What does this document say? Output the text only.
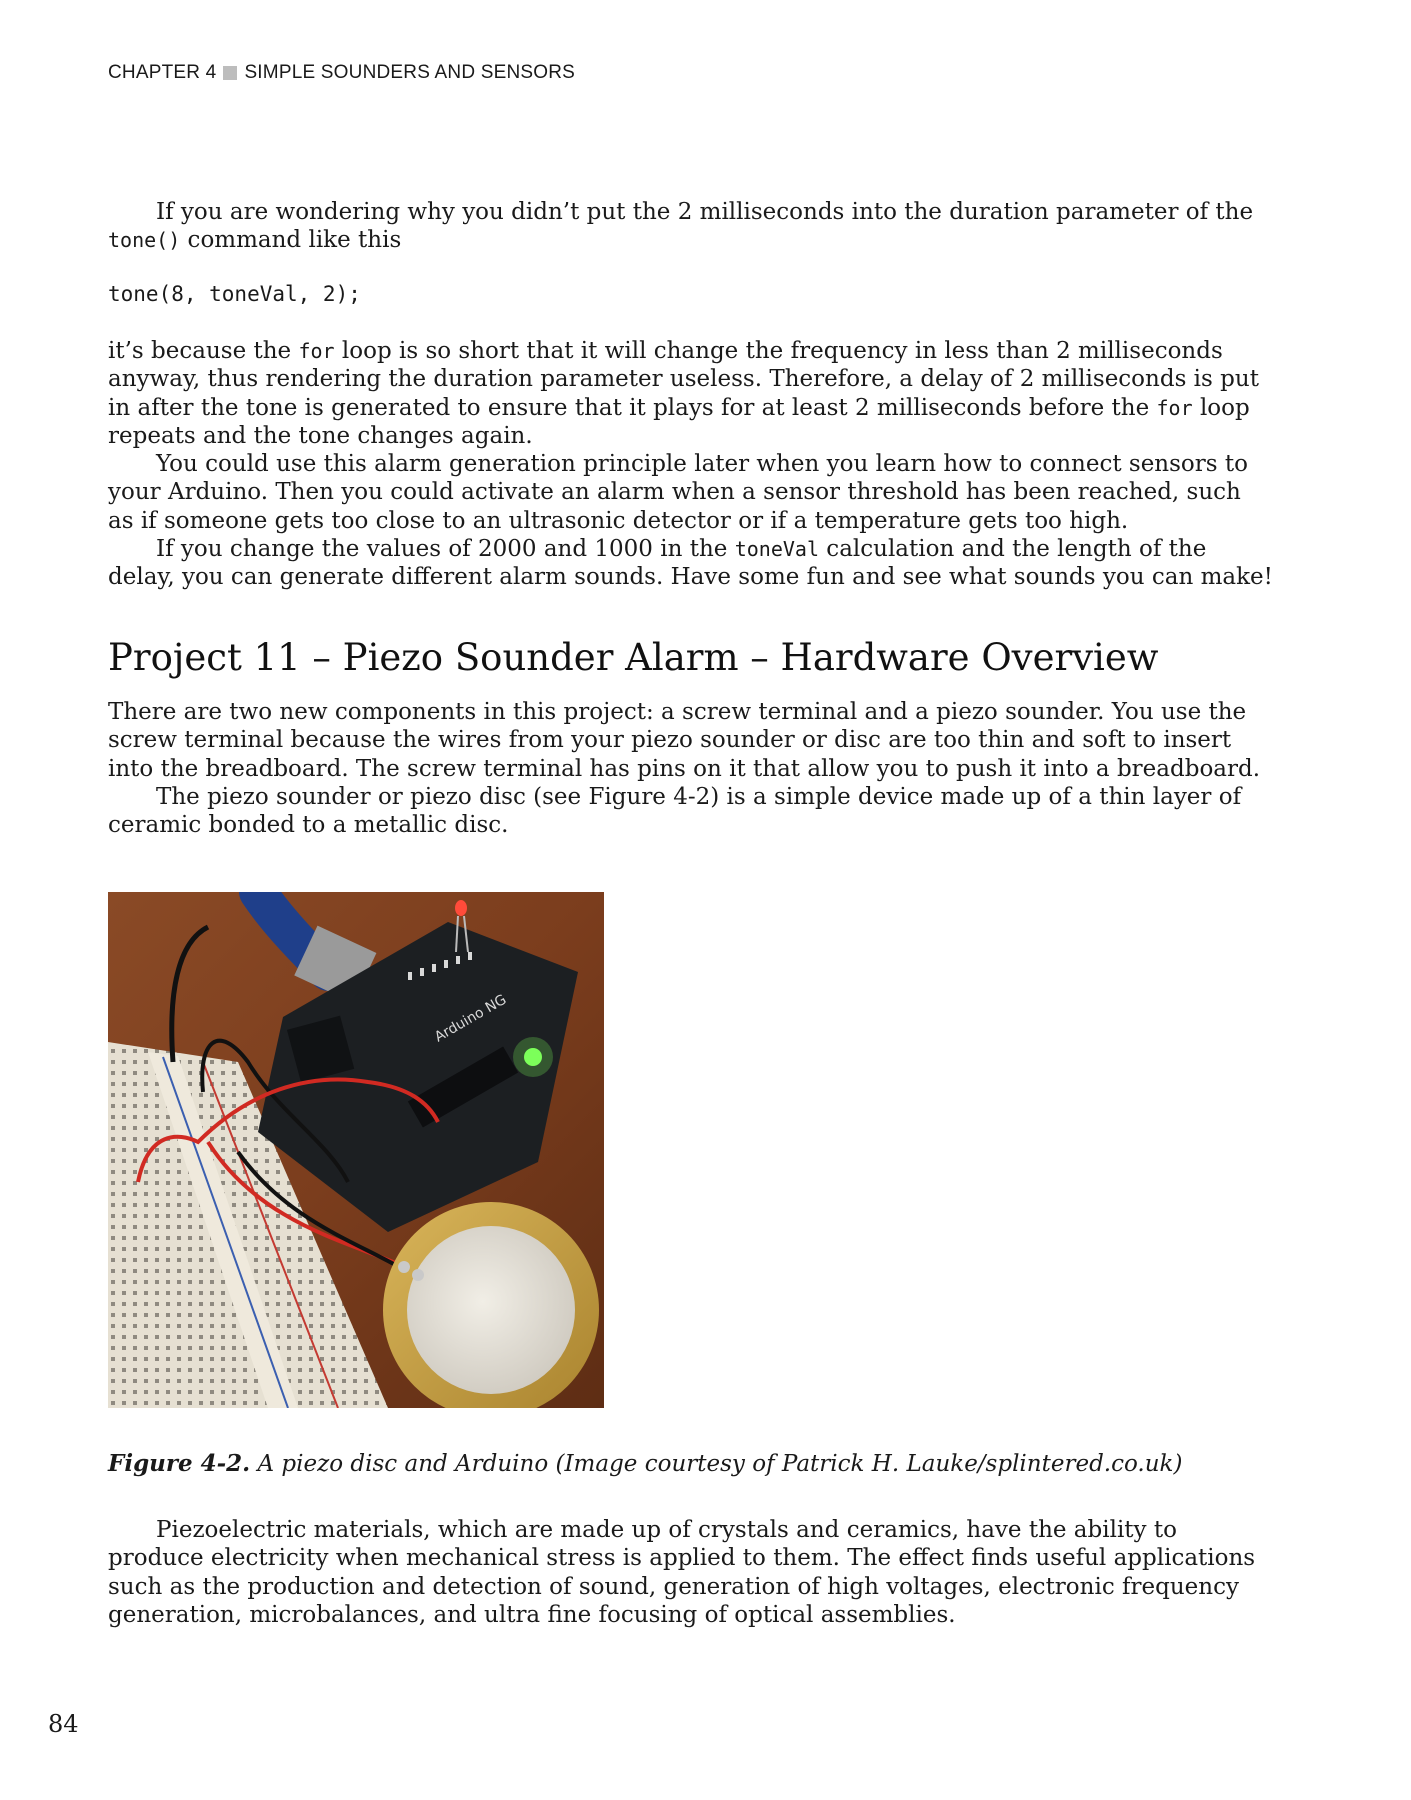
CHAPTER 4 SIMPLE SOUNDERS AND SENSORS

If you are wondering why you didn’t put the 2 milliseconds into the duration parameter of the
tone() command like this

tone(8, toneVal, 2);

it’s because the for loop is so short that it will change the frequency in less than 2 milliseconds anyway, thus rendering the duration parameter useless. Therefore, a delay of 2 milliseconds is put in after the tone is generated to ensure that it plays for at least 2 milliseconds before the for loop repeats and the tone changes again.

You could use this alarm generation principle later when you learn how to connect sensors to your Arduino. Then you could activate an alarm when a sensor threshold has been reached, such as if someone gets too close to an ultrasonic detector or if a temperature gets too high.

If you change the values of 2000 and 1000 in the toneVal calculation and the length of the delay, you can generate different alarm sounds. Have some fun and see what sounds you can make!

Project 11 – Piezo Sounder Alarm – Hardware Overview

There are two new components in this project: a screw terminal and a piezo sounder. You use the screw terminal because the wires from your piezo sounder or disc are too thin and soft to insert into the breadboard. The screw terminal has pins on it that allow you to push it into a breadboard.

The piezo sounder or piezo disc (see Figure 4-2) is a simple device made up of a thin layer of ceramic bonded to a metallic disc.

Arduino NG
Figure 4-2. A piezo disc and Arduino (Image courtesy of Patrick H. Lauke/splintered.co.uk)

Piezoelectric materials, which are made up of crystals and ceramics, have the ability to produce electricity when mechanical stress is applied to them. The effect finds useful applications such as the production and detection of sound, generation of high voltages, electronic frequency generation, microbalances, and ultra fine focusing of optical assemblies.

84
